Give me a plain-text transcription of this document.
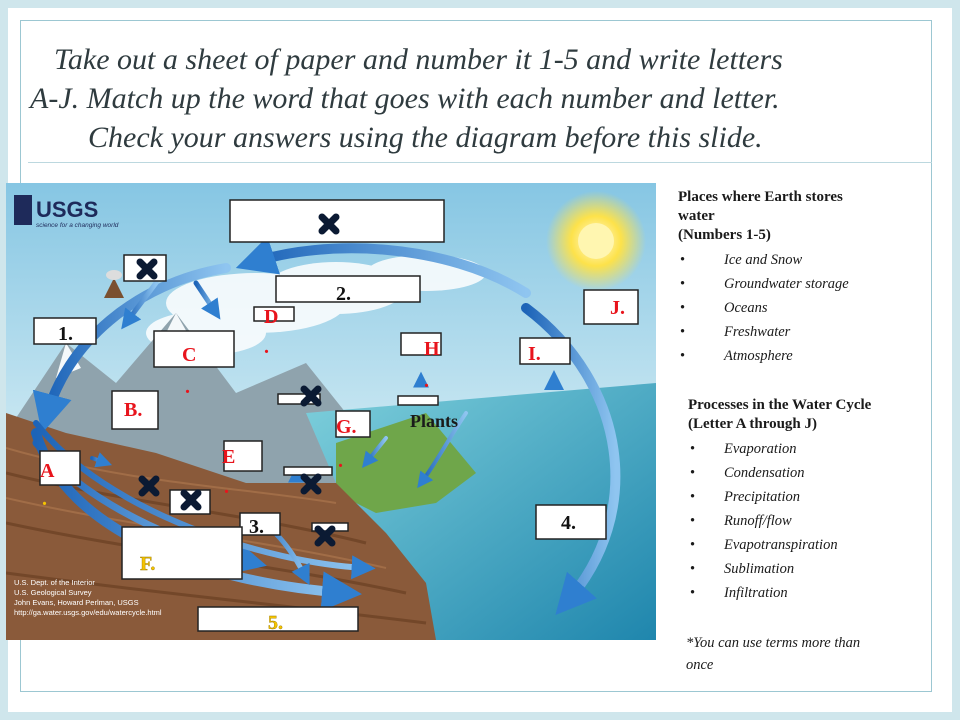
Take out a sheet of paper and number it 1-5 and write letters
A-J. Match up the word that goes with each number and letter.
Check your answers using the diagram before this slide.
USGS
science for a changing world
U.S. Dept. of the Interior
U.S. Geological Survey
John Evans, Howard Perlman, USGS
http://ga.water.usgs.gov/edu/watercycle.html
2.
1.
3.	4.
5.
D
.
C
.
H
.
I.
J.
B.
G.
.
E
.
A
.
F.
Plants
Places where Earth stores
water
(Numbers 1-5)
• Ice and Snow
• Groundwater storage
• Oceans
• Freshwater
• Atmosphere
Processes in the Water Cycle
(Letter A through J)
• Evaporation
• Condensation
• Precipitation
• Runoff/flow
• Evapotranspiration
• Sublimation
• Infiltration
*You can use terms more than
once
